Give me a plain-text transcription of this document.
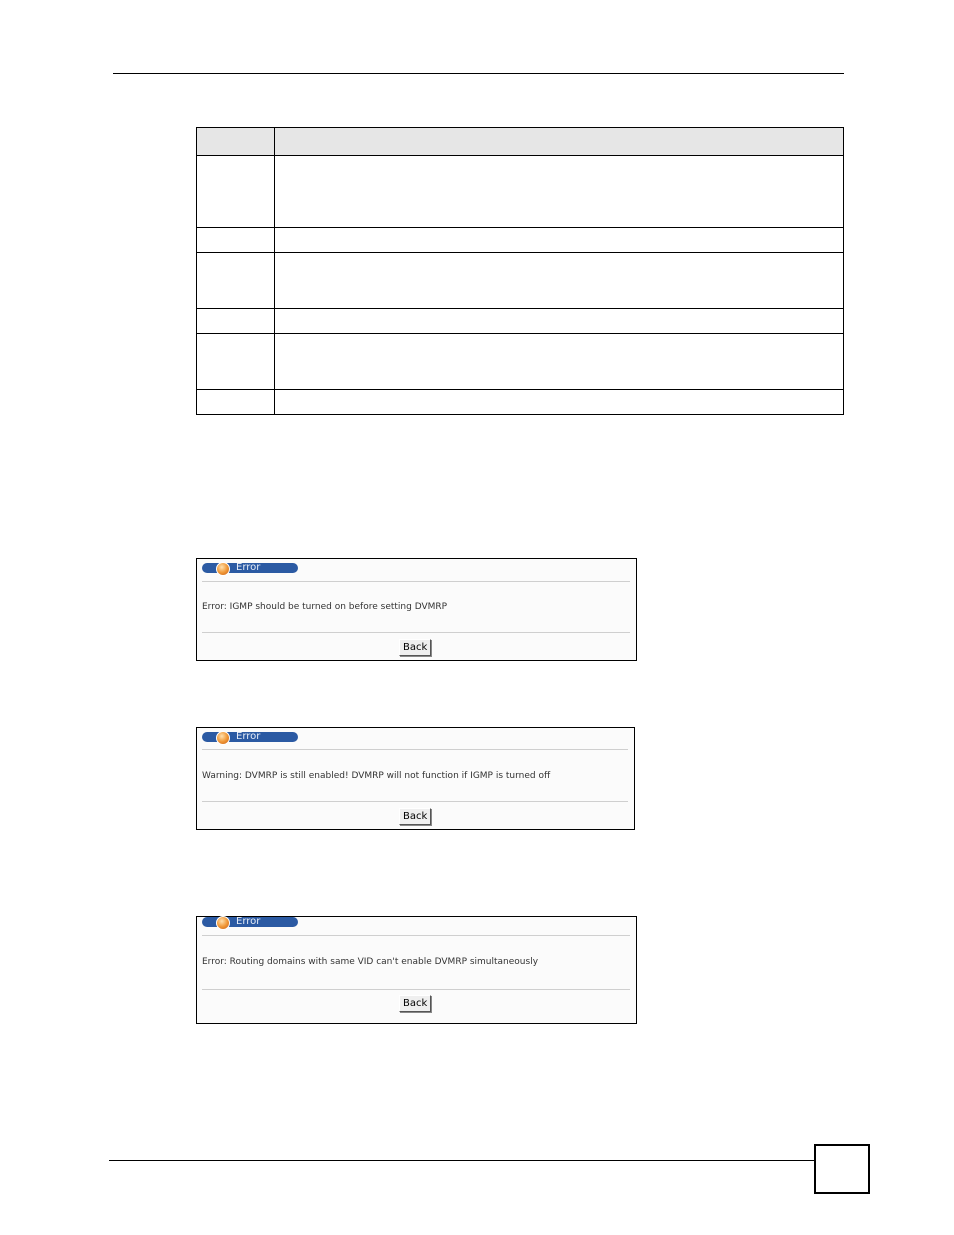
Error
Error: IGMP should be turned on before setting DVMRP
Back
Error
Warning: DVMRP is still enabled! DVMRP will not function if IGMP is turned off
Back
Error
Error: Routing domains with same VID can't enable DVMRP simultaneously
Back
